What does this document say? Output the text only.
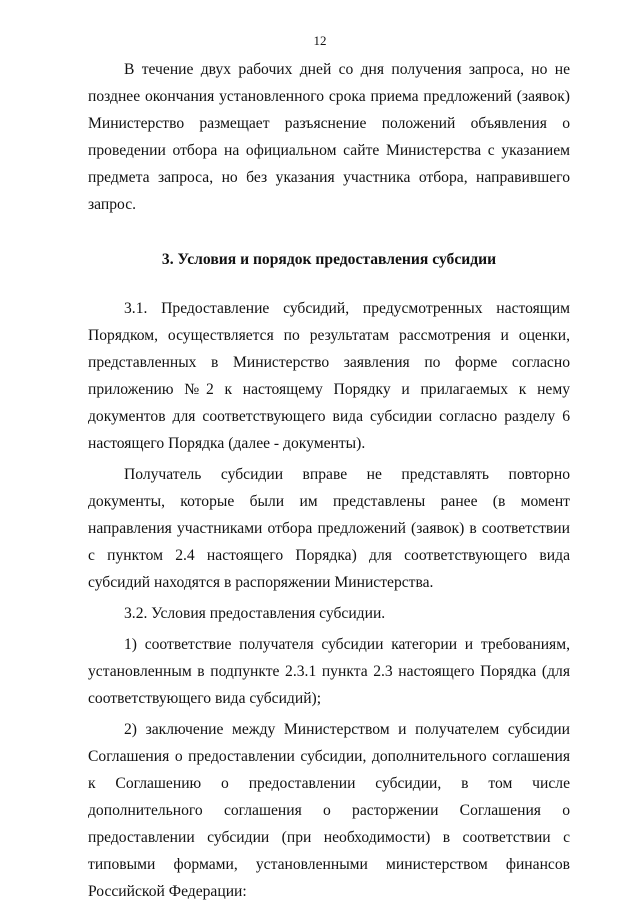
12

В течение двух рабочих дней со дня получения запроса, но не позднее окончания установленного срока приема предложений (заявок) Министерство размещает разъяснение положений объявления о проведении отбора на официальном сайте Министерства с указанием предмета запроса, но без указания участника отбора, направившего запрос.

3. Условия и порядок предоставления субсидии

3.1. Предоставление субсидий, предусмотренных настоящим Порядком, осуществляется по результатам рассмотрения и оценки, представленных в Министерство заявления по форме согласно приложению №2 к настоящему Порядку и прилагаемых к нему документов для соответствующего вида субсидии согласно разделу 6 настоящего Порядка (далее - документы).

Получатель субсидии вправе не представлять повторно документы, которые были им представлены ранее (в момент направления участниками отбора предложений (заявок) в соответствии с пунктом 2.4 настоящего Порядка) для соответствующего вида субсидий находятся в распоряжении Министерства.

3.2. Условия предоставления субсидии.

1) соответствие получателя субсидии категории и требованиям, установленным в подпункте 2.3.1 пункта 2.3 настоящего Порядка (для соответствующего вида субсидий);

2) заключение между Министерством и получателем субсидии Соглашения о предоставлении субсидии, дополнительного соглашения к Соглашению о предоставлении субсидии, в том числе дополнительного соглашения о расторжении Соглашения о предоставлении субсидии (при необходимости) в соответствии с типовыми формами, установленными министерством финансов Российской Федерации:
